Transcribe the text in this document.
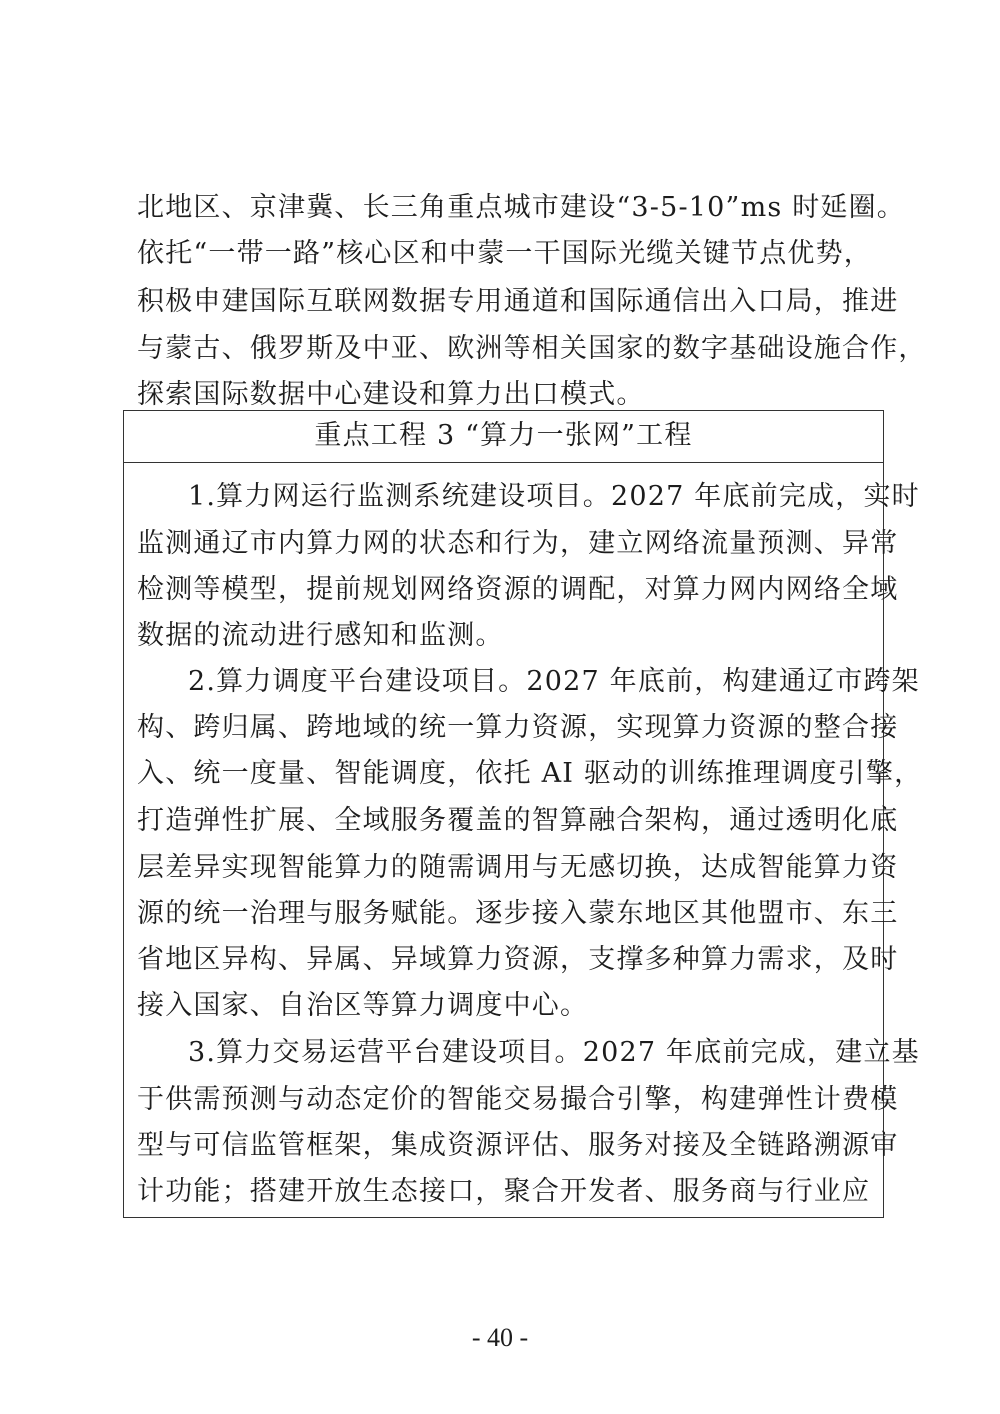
北地区、京津冀、长三角重点城市建设“3-5-10”ms 时延圈。
依托“一带一路”核心区和中蒙一干国际光缆关键节点优势，
积极申建国际互联网数据专用通道和国际通信出入口局，推进
与蒙古、俄罗斯及中亚、欧洲等相关国家的数字基础设施合作，
探索国际数据中心建设和算力出口模式。
重点工程 3 “算力一张网”工程
1.算力网运行监测系统建设项目。2027 年底前完成，实时
监测通辽市内算力网的状态和行为，建立网络流量预测、异常
检测等模型，提前规划网络资源的调配，对算力网内网络全域
数据的流动进行感知和监测。
2.算力调度平台建设项目。2027 年底前，构建通辽市跨架
构、跨归属、跨地域的统一算力资源，实现算力资源的整合接
入、统一度量、智能调度，依托 AI 驱动的训练推理调度引擎，
打造弹性扩展、全域服务覆盖的智算融合架构，通过透明化底
层差异实现智能算力的随需调用与无感切换，达成智能算力资
源的统一治理与服务赋能。逐步接入蒙东地区其他盟市、东三
省地区异构、异属、异域算力资源，支撑多种算力需求，及时
接入国家、自治区等算力调度中心。
3.算力交易运营平台建设项目。2027 年底前完成，建立基
于供需预测与动态定价的智能交易撮合引擎，构建弹性计费模
型与可信监管框架，集成资源评估、服务对接及全链路溯源审
计功能；搭建开放生态接口，聚合开发者、服务商与行业应
- 40 -
